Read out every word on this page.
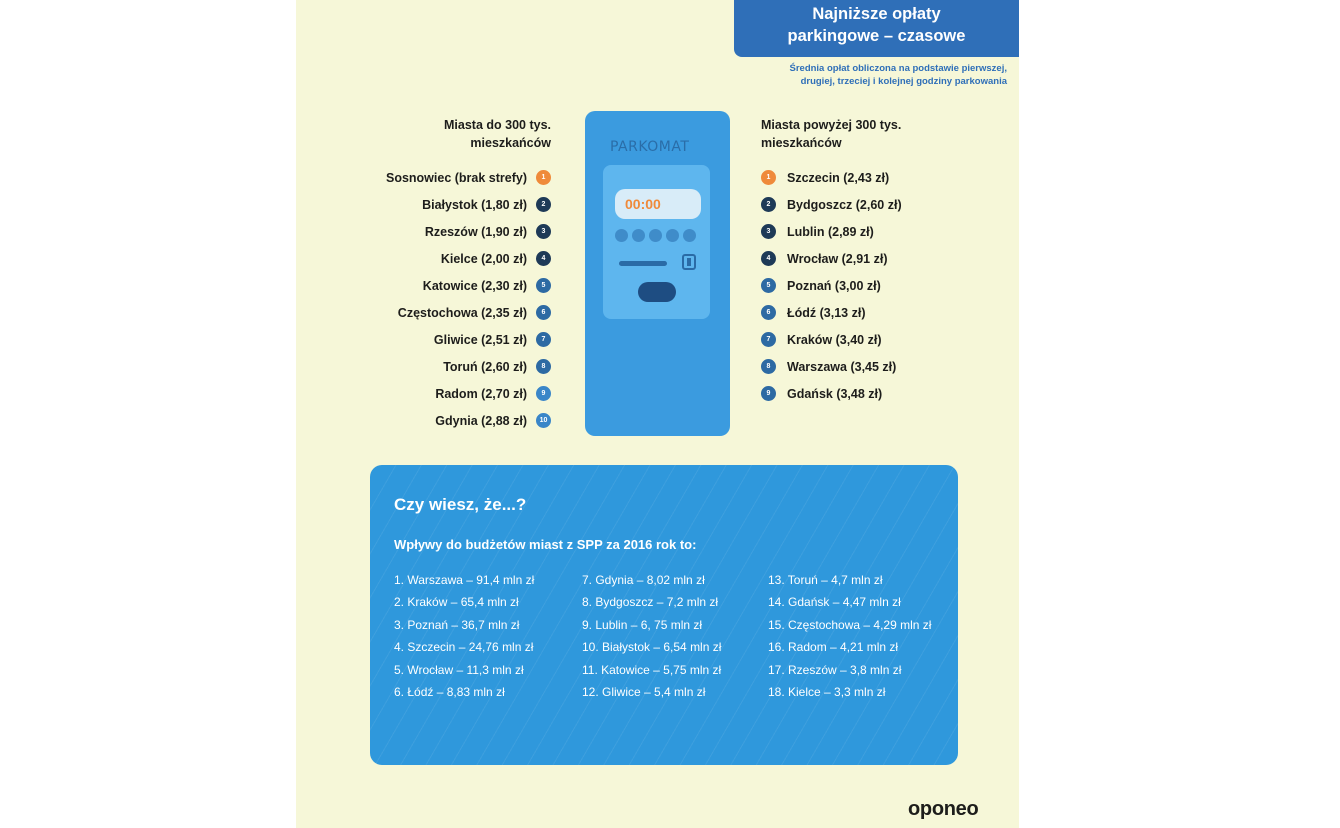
Najniższe opłaty
parkingowe – czasowe
Średnia opłat obliczona na podstawie pierwszej,
drugiej, trzeciej i kolejnej godziny parkowania
Miasta do 300 tys.
mieszkańców
Sosnowiec (brak strefy)	1
Białystok (1,80 zł)	2
Rzeszów (1,90 zł)	3
Kielce (2,00 zł)	4
Katowice (2,30 zł)	5
Częstochowa (2,35 zł)	6
Gliwice (2,51 zł)	7
Toruń (2,60 zł)	8
Radom (2,70 zł)	9
Gdynia (2,88 zł)	10
PARKOMAT
00:00
Miasta powyżej 300 tys.
mieszkańców
1	Szczecin (2,43 zł)
2	Bydgoszcz (2,60 zł)
3	Lublin (2,89 zł)
4	Wrocław (2,91 zł)
5	Poznań (3,00 zł)
6	Łódź (3,13 zł)
7	Kraków (3,40 zł)
8	Warszawa (3,45 zł)
9	Gdańsk (3,48 zł)
Czy wiesz, że...?
Wpływy do budżetów miast z SPP za 2016 rok to:
1. Warszawa – 91,4 mln zł
2. Kraków – 65,4 mln zł
3. Poznań – 36,7 mln zł
4. Szczecin – 24,76 mln zł
5. Wrocław – 11,3 mln zł
6. Łódź – 8,83 mln zł
7. Gdynia – 8,02 mln zł
8. Bydgoszcz – 7,2 mln zł
9. Lublin – 6, 75 mln zł
10. Białystok – 6,54 mln zł
11. Katowice – 5,75 mln zł
12. Gliwice – 5,4 mln zł
13. Toruń – 4,7 mln zł
14. Gdańsk – 4,47 mln zł
15. Częstochowa – 4,29 mln zł
16. Radom – 4,21 mln zł
17. Rzeszów – 3,8 mln zł
18. Kielce – 3,3 mln zł
oponeo
